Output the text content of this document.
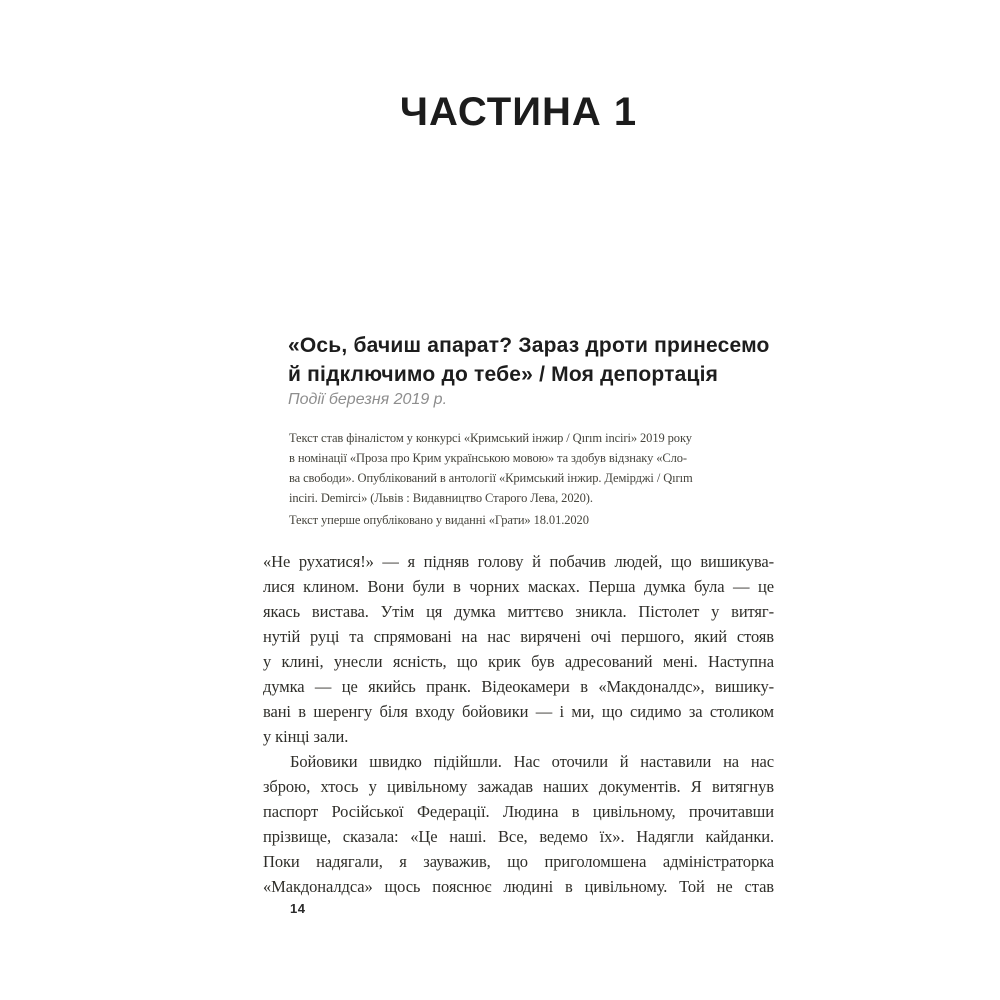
ЧАСТИНА 1
«Ось, бачиш апарат? Зараз дроти принесемо
й підключимо до тебе» / Моя депортація
Події березня 2019 р.
Текст став фіналістом у конкурсі «Кримський інжир / Qırım inciri» 2019 року
в номінації «Проза про Крим українською мовою» та здобув відзнаку «Сло-
ва свободи». Опублікований в антології «Кримський інжир. Демірджі / Qırım
inciri. Demirci» (Львів : Видавництво Старого Лева, 2020).
Текст уперше опубліковано у виданні «Грати» 18.01.2020
«Не рухатися!» — я підняв голову й побачив людей, що вишикува-
лися клином. Вони були в чорних масках. Перша думка була — це
якась вистава. Утім ця думка миттєво зникла. Пістолет у витяг-
нутій руці та спрямовані на нас вирячені очі першого, який стояв
у клині, унесли ясність, що крик був адресований мені. Наступна
думка — це якийсь пранк. Відеокамери в «Макдоналдс», вишику-
вані в шеренгу біля входу бойовики — і ми, що сидимо за столиком
у кінці зали.
Бойовики швидко підійшли. Нас оточили й наставили на нас
зброю, хтось у цивільному зажадав наших документів. Я витягнув
паспорт Російської Федерації. Людина в цивільному, прочитавши
прізвище, сказала: «Це наші. Все, ведемо їх». Надягли кайданки.
Поки надягали, я зауважив, що приголомшена адміністраторка
«Макдоналдса» щось пояснює людині в цивільному. Той не став
14
